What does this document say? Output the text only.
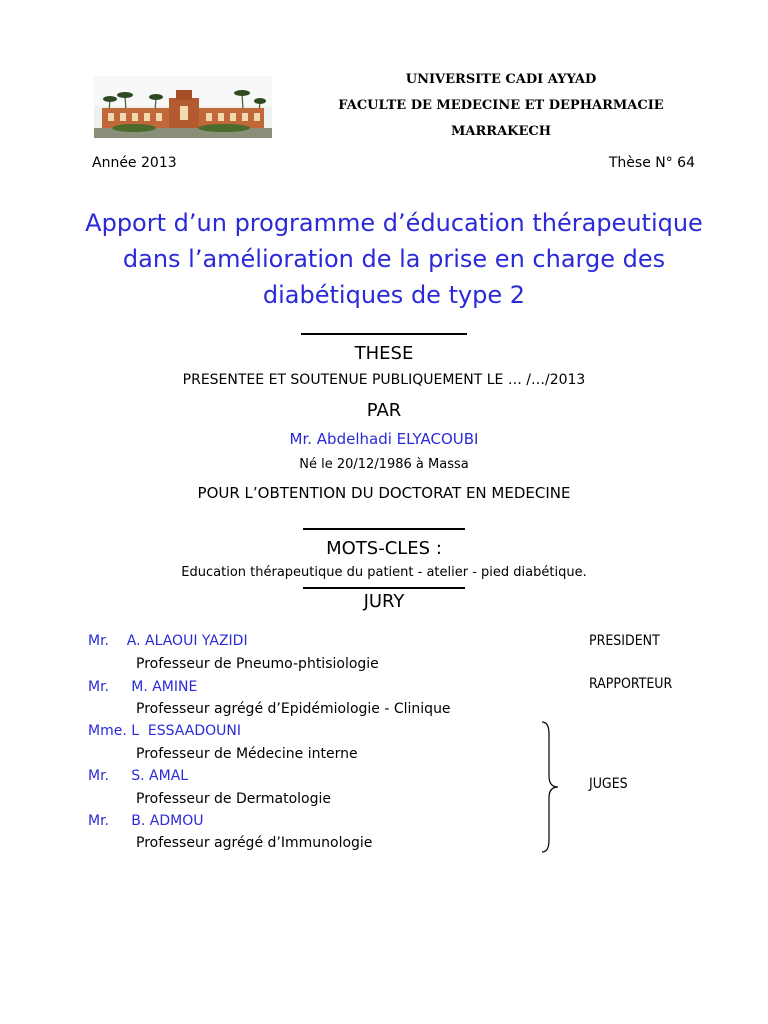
UNIVERSITE CADI AYYAD
FACULTE DE MEDECINE ET DEPHARMACIE
MARRAKECH
Année 2013	Thèse N° 64
Apport d’un programme d’éducation thérapeutique dans l’amélioration de la prise en charge des diabétiques de type 2
THESE
PRESENTEE ET SOUTENUE PUBLIQUEMENT LE … /…/2013
PAR
Mr. Abdelhadi ELYACOUBI
Né le 20/12/1986 à Massa
POUR L’OBTENTION DU DOCTORAT EN MEDECINE
MOTS-CLES :
Education thérapeutique du patient - atelier - pied diabétique.
JURY
Mr.    A. ALAOUI YAZIDI
Professeur de Pneumo-phtisiologie
Mr.     M. AMINE
Professeur agrégé d’Epidémiologie - Clinique
Mme. L  ESSAADOUNI
Professeur de Médecine interne
Mr.     S. AMAL
Professeur de Dermatologie
Mr.     B. ADMOU
Professeur agrégé d’Immunologie
PRESIDENT
RAPPORTEUR
JUGES
